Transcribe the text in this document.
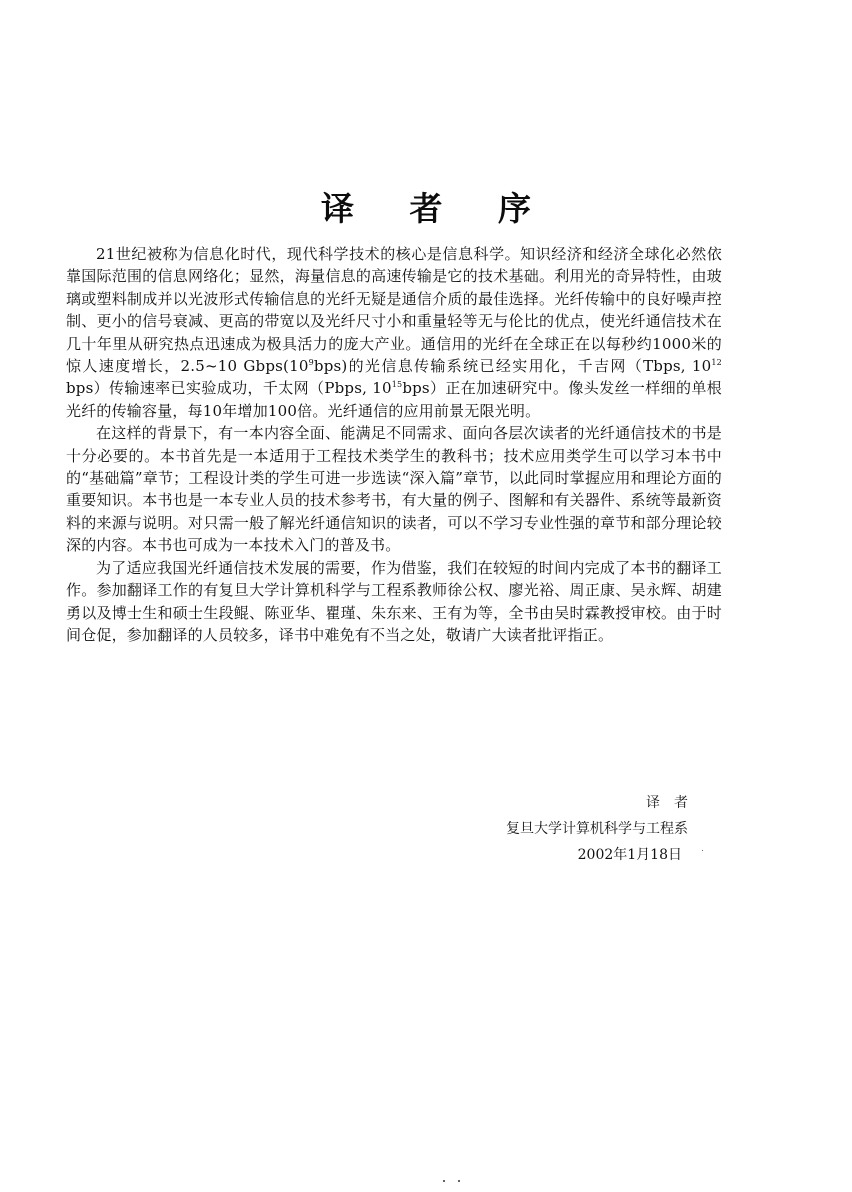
译 者 序

21世纪被称为信息化时代，现代科学技术的核心是信息科学。知识经济和经济全球化必然依靠国际范围的信息网络化；显然，海量信息的高速传输是它的技术基础。利用光的奇异特性，由玻璃或塑料制成并以光波形式传输信息的光纤无疑是通信介质的最佳选择。光纤传输中的良好噪声控制、更小的信号衰减、更高的带宽以及光纤尺寸小和重量轻等无与伦比的优点，使光纤通信技术在几十年里从研究热点迅速成为极具活力的庞大产业。通信用的光纤在全球正在以每秒约1000米的惊人速度增长，2.5~10 $Gbps(10^9bps)$的光信息传输系统已经实用化，千吉网（Tbps, $10^{12}$ bps）传输速率已实验成功，千太网（Pbps, $10^{15}bps$）正在加速研究中。像头发丝一样细的单根光纤的传输容量，每10年增加100倍。光纤通信的应用前景无限光明。

在这样的背景下，有一本内容全面、能满足不同需求、面向各层次读者的光纤通信技术的书是十分必要的。本书首先是一本适用于工程技术类学生的教科书；技术应用类学生可以学习本书中的“基础篇”章节；工程设计类的学生可进一步选读“深入篇”章节，以此同时掌握应用和理论方面的重要知识。本书也是一本专业人员的技术参考书，有大量的例子、图解和有关器件、系统等最新资料的来源与说明。对只需一般了解光纤通信知识的读者，可以不学习专业性强的章节和部分理论较深的内容。本书也可成为一本技术入门的普及书。

为了适应我国光纤通信技术发展的需要，作为借鉴，我们在较短的时间内完成了本书的翻译工作。参加翻译工作的有复旦大学计算机科学与工程系教师徐公权、廖光裕、周正康、吴永辉、胡建勇以及博士生和硕士生段鲲、陈亚华、瞿瑾、朱东来、王有为等，全书由吴时霖教授审校。由于时间仓促，参加翻译的人员较多，译书中难免有不当之处，敬请广大读者批评指正。

译者
复旦大学计算机科学与工程系
2002年1月18日
